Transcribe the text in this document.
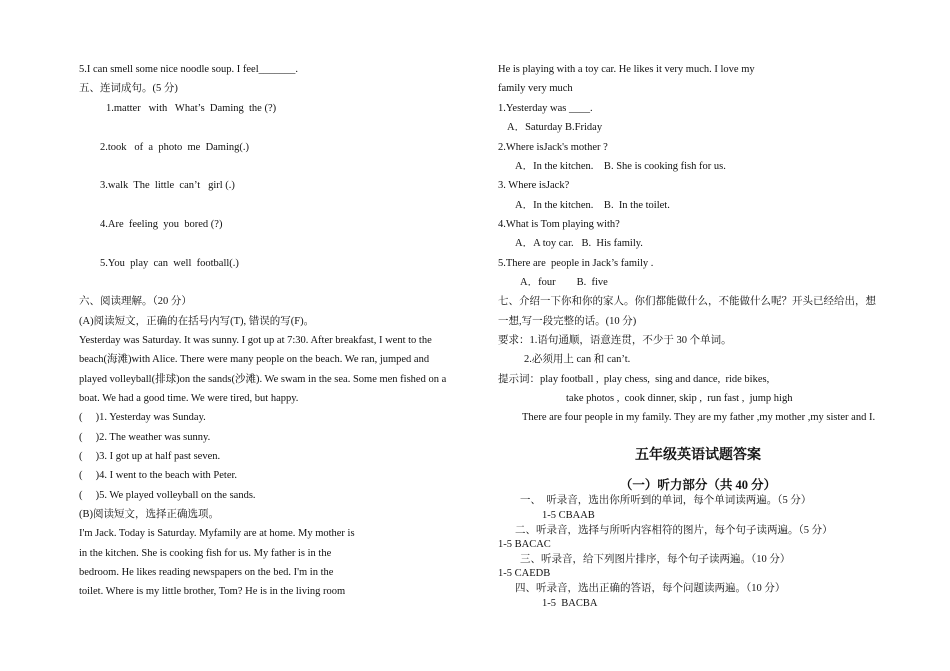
5.I can smell some nice noodle soup. I feel_______.
五、连词成句。(5 分)
1.matter   with   What’s  Daming  the (?)
2.took   of  a  photo  me  Daming(.)
3.walk  The  little  can’t   girl (.)
4.Are  feeling  you  bored (?)
5.You  play  can  well  football(.)
六、阅读理解。（20 分）
(A)阅读短文，正确的在括号内写(T), 错误的写(F)。
Yesterday was Saturday. It was sunny. I got up at 7:30. After breakfast, I went to the
beach(海滩)with Alice. There were many people on the beach. We ran, jumped and
played volleyball(排球)on the sands(沙滩). We swam in the sea. Some men fished on a
boat. We had a good time. We were tired, but happy.
(     )1. Yesterday was Sunday.
(     )2. The weather was sunny.
(     )3. I got up at half past seven.
(     )4. I went to the beach with Peter.
(     )5. We played volleyball on the sands.
(B)阅读短文，选择正确选项。
I'm Jack. Today is Saturday. Myfamily are at home. My mother is
in the kitchen. She is cooking fish for us. My father is in the
bedroom. He likes reading newspapers on the bed. I'm in the
toilet. Where is my little brother, Tom? He is in the living room
He is playing with a toy car. He likes it very much. I love my
family very much
1.Yesterday was ____.
A．Saturday B.Friday
2.Where isJack's mother ?
A．In the kitchen.    B. She is cooking fish for us.
3. Where isJack?
A．In the kitchen.    B.  In the toilet.
4.What is Tom playing with?
A．A toy car.   B.  His family.
5.There are  people in Jack’s family .
A．four        B.  five
七、介绍一下你和你的家人。你们都能做什么，不能做什么呢？开头已经给出，想
一想,写一段完整的话。(10 分)
要求：1.语句通顺，语意连贯，不少于 30 个单词。
2.必须用上 can 和 can’t.
提示词：play football ,  play chess,  sing and dance,  ride bikes,
take photos ,  cook dinner, skip ,  run fast ,  jump high
There are four people in my family. They are my father ,my mother ,my sister and I.
五年级英语试题答案
（一）听力部分（共 40 分）
一、  听录音，选出你所听到的单词，每个单词读两遍。（5 分）
1-5 CBAAB
二、听录音，选择与所听内容相符的图片，每个句子读两遍。（5 分）
1-5 BACAC
三、听录音，给下列图片排序，每个句子读两遍。（10 分）
1-5 CAEDB
四、听录音，选出正确的答语，每个问题读两遍。（10 分）
1-5  BACBA
